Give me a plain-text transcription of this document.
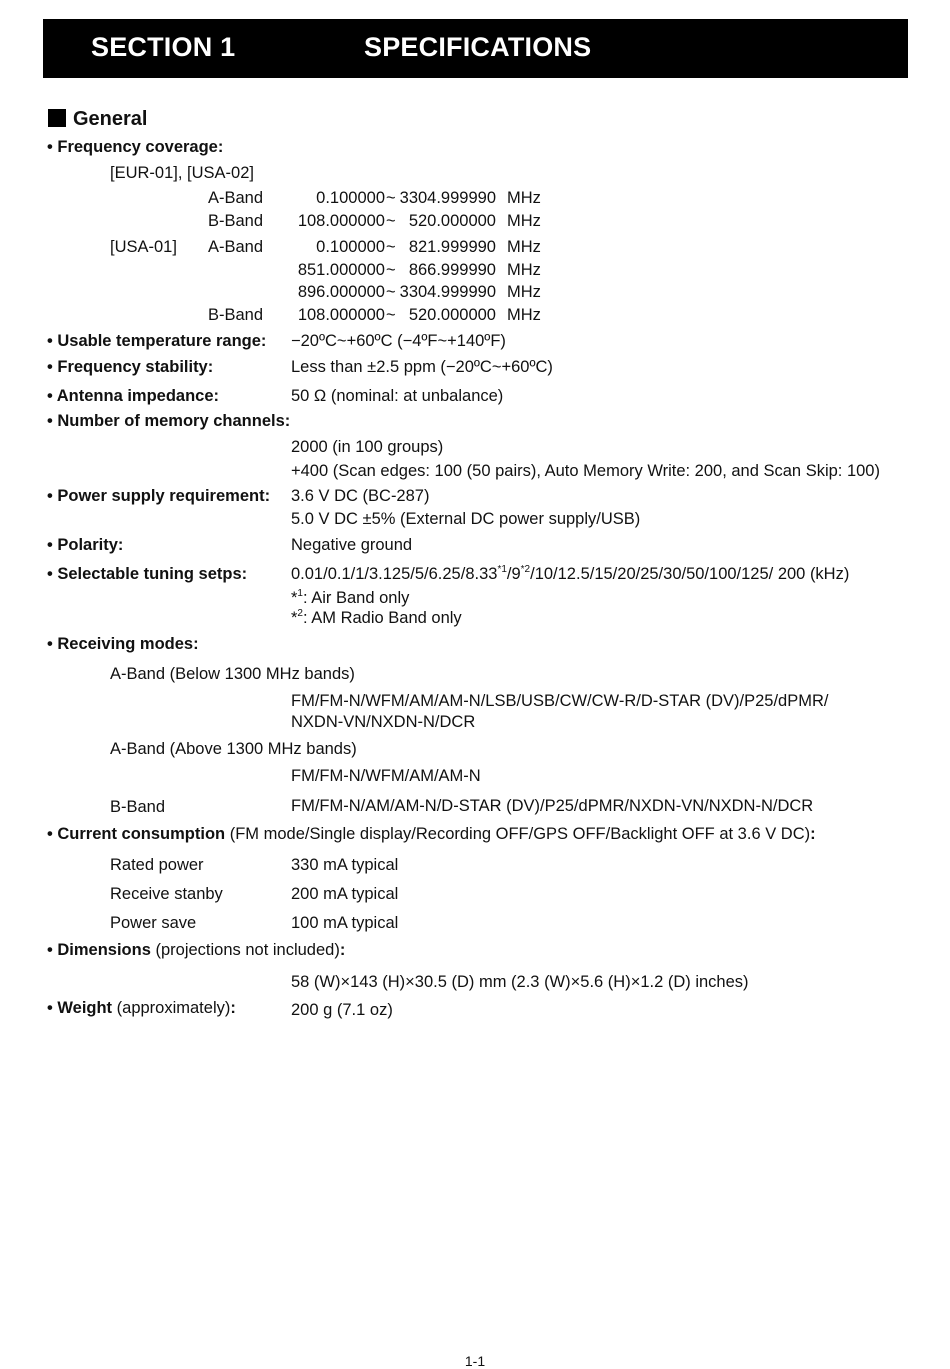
SECTION 1	SPECIFICATIONS
General
• Frequency coverage:
[EUR-01], [USA-02]
A-Band	0.100000 ~ 3304.999990 MHz
B-Band	108.000000 ~ 520.000000 MHz
[USA-01] A-Band	0.100000 ~ 821.999990 MHz
851.000000 ~ 866.999990 MHz
896.000000 ~ 3304.999990 MHz
B-Band	108.000000 ~ 520.000000 MHz
• Usable temperature range: −20ºC~+60ºC (−4ºF~+140ºF)
• Frequency stability:	Less than ±2.5 ppm (−20ºC~+60ºC)
• Antenna impedance:	50 Ω (nominal: at unbalance)
• Number of memory channels:
2000 (in 100 groups)
+400 (Scan edges: 100 (50 pairs), Auto Memory Write: 200, and Scan Skip: 100)
• Power supply requirement: 3.6 V DC (BC-287)
5.0 V DC ±5% (External DC power supply/USB)
• Polarity:	Negative ground
• Selectable tuning setps:	0.01/0.1/1/3.125/5/6.25/8.33$^{*1}$/9$^{*2}$/10/12.5/15/20/25/30/50/100/125/ 200 (kHz)
*$^1$: Air Band only
*$^2$: AM Radio Band only
• Receiving modes:
A-Band (Below 1300 MHz bands)
FM/FM-N/WFM/AM/AM-N/LSB/USB/CW/CW-R/D-STAR (DV)/P25/dPMR/
NXDN-VN/NXDN-N/DCR
A-Band (Above 1300 MHz bands)
FM/FM-N/WFM/AM/AM-N
B-Band	FM/FM-N/AM/AM-N/D-STAR (DV)/P25/dPMR/NXDN-VN/NXDN-N/DCR
• Current consumption (FM mode/Single display/Recording OFF/GPS OFF/Backlight OFF at 3.6 V DC):
Rated power	330 mA typical
Receive stanby	200 mA typical
Power save	100 mA typical
• Dimensions (projections not included):
58 (W)×143 (H)×30.5 (D) mm (2.3 (W)×5.6 (H)×1.2 (D) inches)
• Weight (approximately):	200 g (7.1 oz)
1-1
